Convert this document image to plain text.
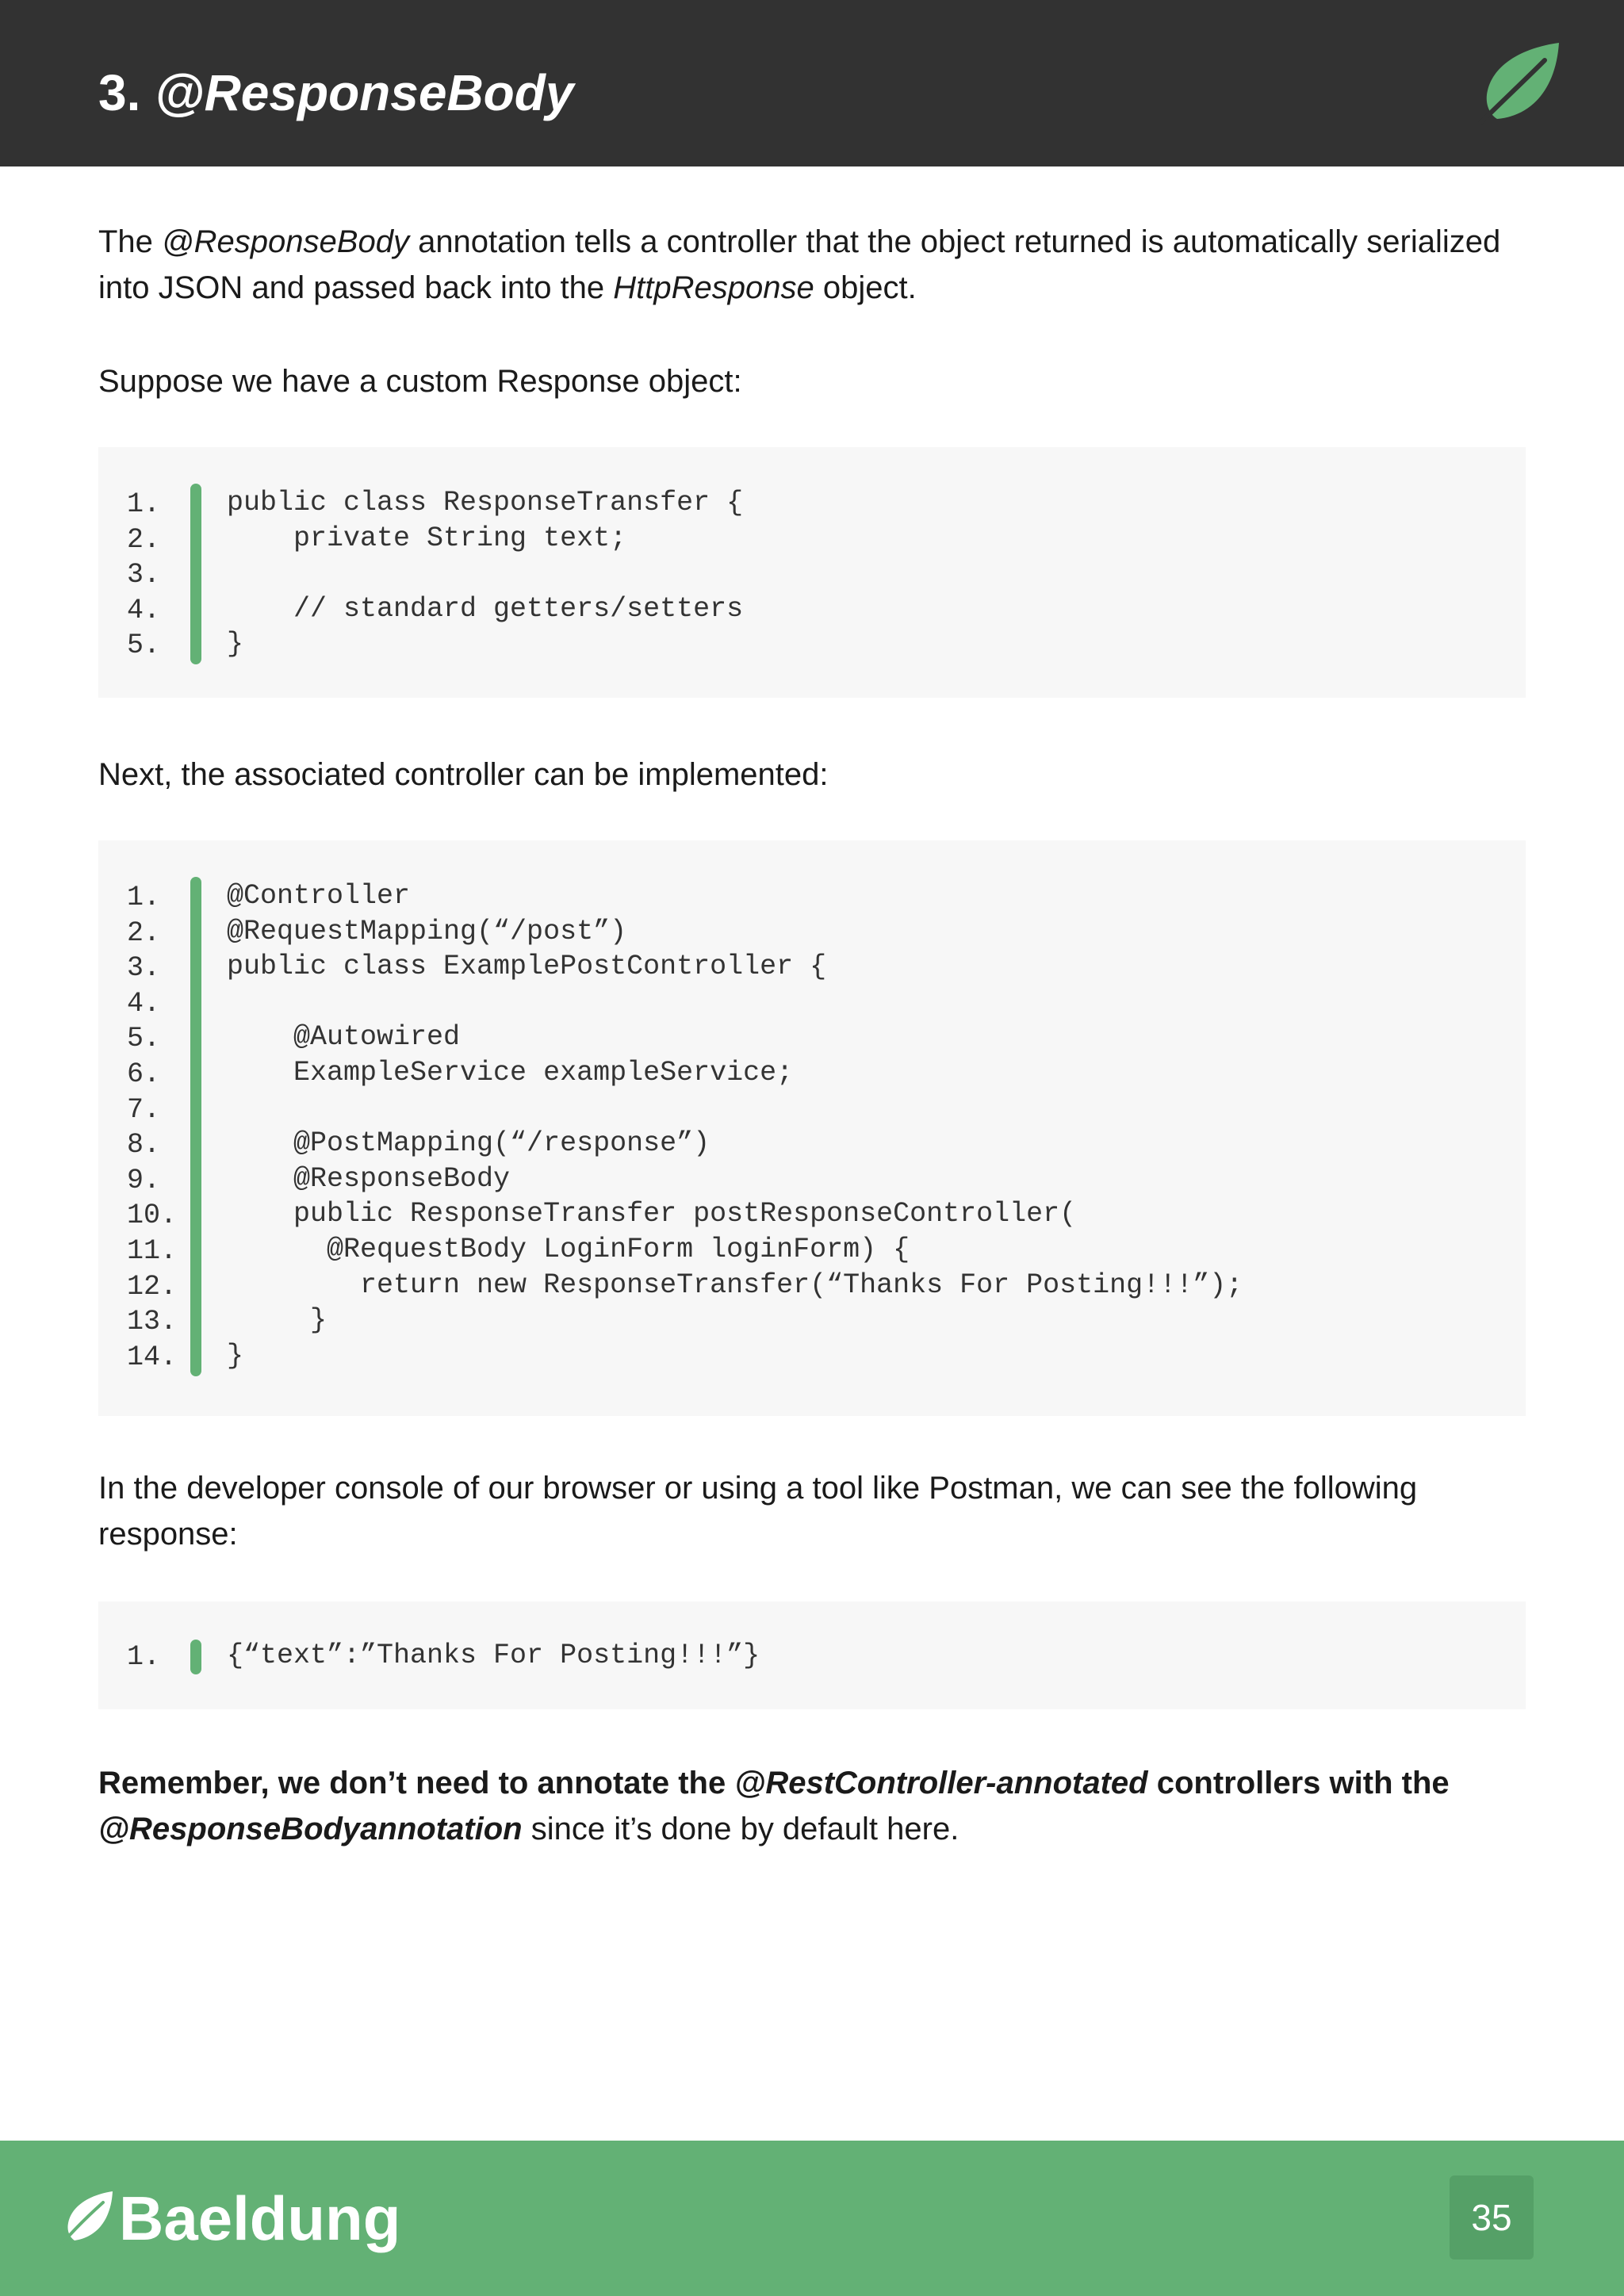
3. @ResponseBody

The @ResponseBody annotation tells a controller that the object returned is automatically serialized into JSON and passed back into the HttpResponse object.

Suppose we have a custom Response object:

1.
2.
3.
4.
5.
public class ResponseTransfer {
private String text;
// standard getters/setters
}

Next, the associated controller can be implemented:

1.
2.
3.
4.
5.
6.
7.
8.
9.
10.
11.
12.
13.
14.
@Controller
@RequestMapping(“/post”)
public class ExamplePostController {
@Autowired
ExampleService exampleService;
@PostMapping(“/response”)
@ResponseBody
public ResponseTransfer postResponseController(
@RequestBody LoginForm loginForm) {
return new ResponseTransfer(“Thanks For Posting!!!”);
}
}

In the developer console of our browser or using a tool like Postman, we can see the following response:

1.	{“text”:”Thanks For Posting!!!”}

Remember, we don’t need to annotate the @RestController-annotated controllers with the @ResponseBodyannotation since it’s done by default here.

Baeldung	35
